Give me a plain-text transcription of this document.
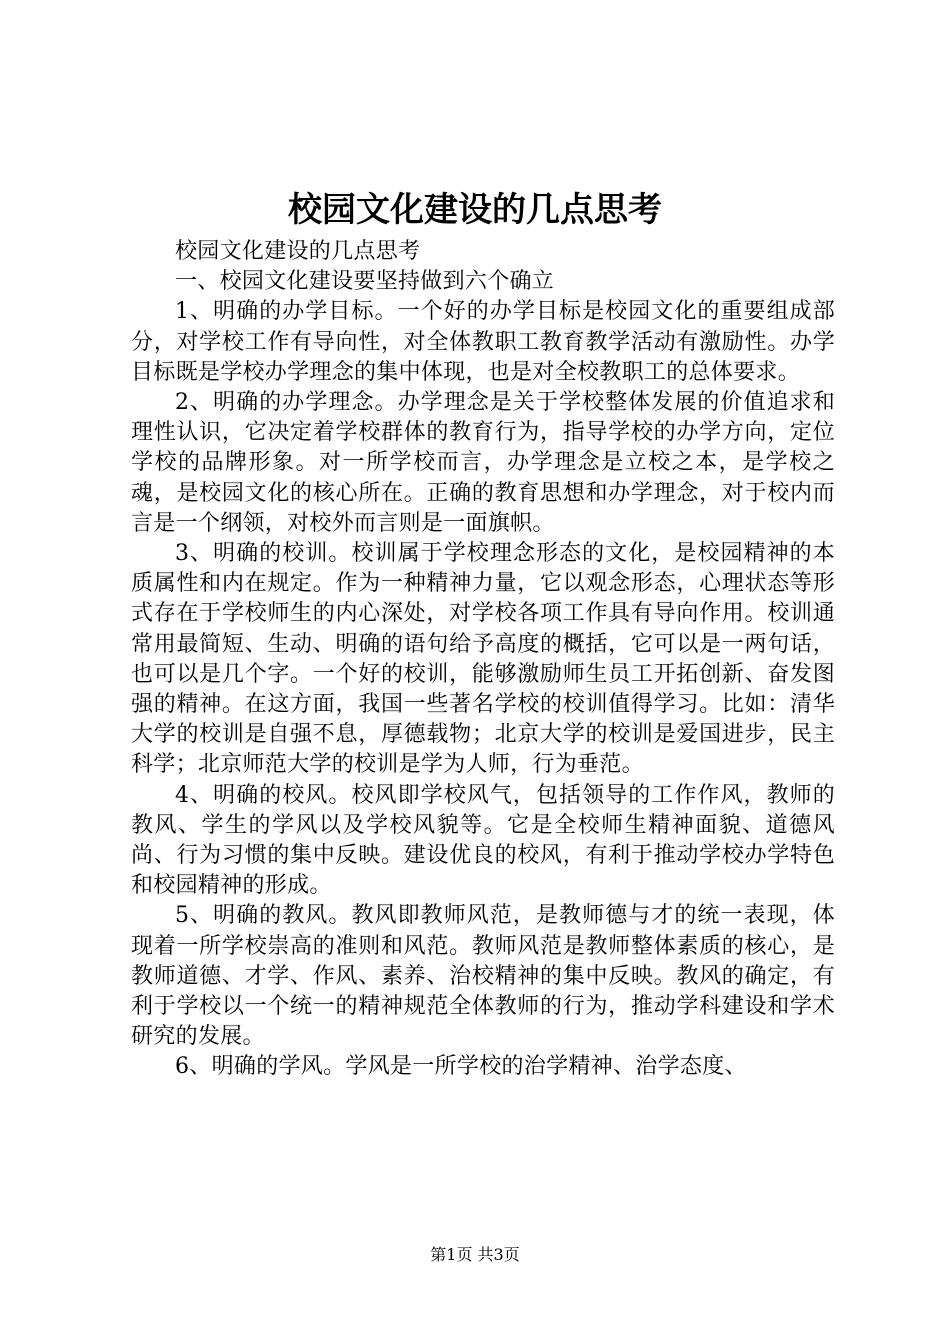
校园文化建设的几点思考

校园文化建设的几点思考

一、校园文化建设要坚持做到六个确立

1、明确的办学目标。一个好的办学目标是校园文化的重要组成部分，对学校工作有导向性，对全体教职工教育教学活动有激励性。办学目标既是学校办学理念的集中体现，也是对全校教职工的总体要求。

2、明确的办学理念。办学理念是关于学校整体发展的价值追求和理性认识，它决定着学校群体的教育行为，指导学校的办学方向，定位学校的品牌形象。对一所学校而言，办学理念是立校之本，是学校之魂，是校园文化的核心所在。正确的教育思想和办学理念，对于校内而言是一个纲领，对校外而言则是一面旗帜。

3、明确的校训。校训属于学校理念形态的文化，是校园精神的本质属性和内在规定。作为一种精神力量，它以观念形态，心理状态等形式存在于学校师生的内心深处，对学校各项工作具有导向作用。校训通常用最简短、生动、明确的语句给予高度的概括，它可以是一两句话，也可以是几个字。一个好的校训，能够激励师生员工开拓创新、奋发图强的精神。在这方面，我国一些著名学校的校训值得学习。比如：清华大学的校训是自强不息，厚德载物；北京大学的校训是爱国进步，民主科学；北京师范大学的校训是学为人师，行为垂范。

4、明确的校风。校风即学校风气，包括领导的工作作风，教师的教风、学生的学风以及学校风貌等。它是全校师生精神面貌、道德风尚、行为习惯的集中反映。建设优良的校风，有利于推动学校办学特色和校园精神的形成。

5、明确的教风。教风即教师风范，是教师德与才的统一表现，体现着一所学校崇高的准则和风范。教师风范是教师整体素质的核心，是教师道德、才学、作风、素养、治校精神的集中反映。教风的确定，有利于学校以一个统一的精神规范全体教师的行为，推动学科建设和学术研究的发展。

6、明确的学风。学风是一所学校的治学精神、治学态度、

第1页 共3页
